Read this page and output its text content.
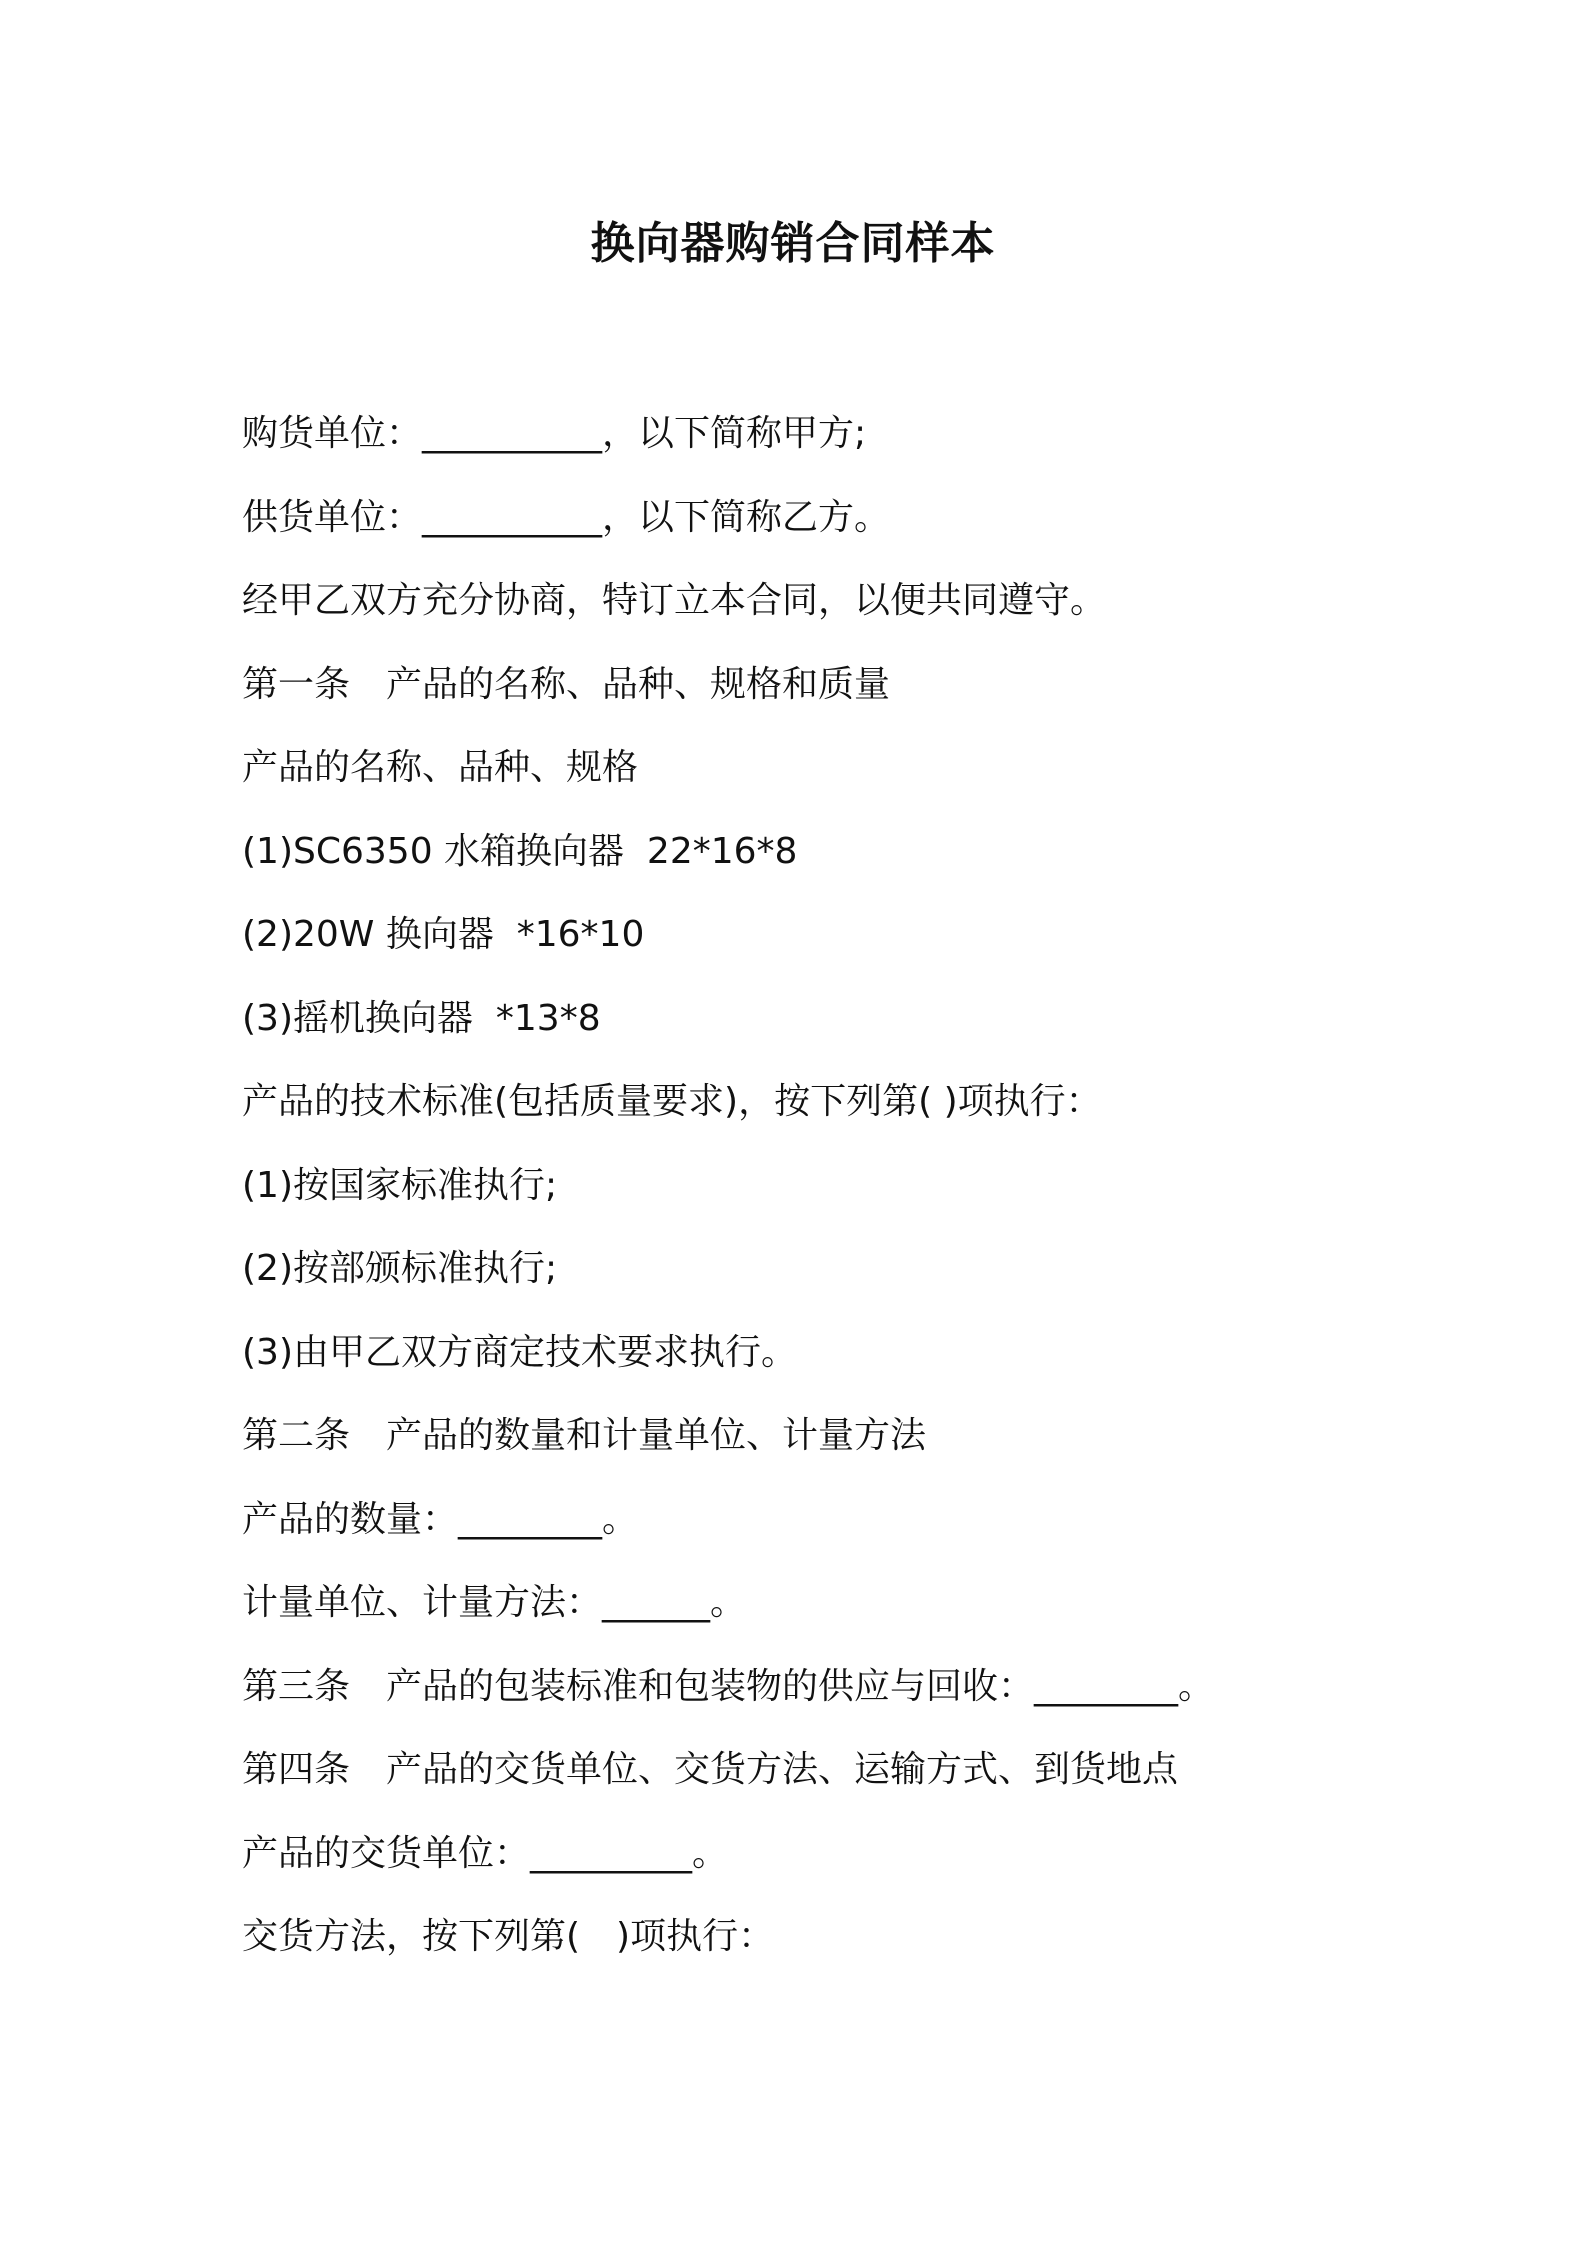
换向器购销合同样本

购货单位：__________，以下简称甲方;

供货单位：__________，以下简称乙方。

经甲乙双方充分协商，特订立本合同，以便共同遵守。

第一条　产品的名称、品种、规格和质量

产品的名称、品种、规格

(1)SC6350 水箱换向器  22*16*8

(2)20W 换向器  *16*10

(3)摇机换向器  *13*8

产品的技术标准(包括质量要求)，按下列第( )项执行：

(1)按国家标准执行;

(2)按部颁标准执行;

(3)由甲乙双方商定技术要求执行。

第二条　产品的数量和计量单位、计量方法

产品的数量：________。

计量单位、计量方法：______。

第三条　产品的包装标准和包装物的供应与回收：________。

第四条　产品的交货单位、交货方法、运输方式、到货地点

产品的交货单位：_________。

交货方法，按下列第(　)项执行：
